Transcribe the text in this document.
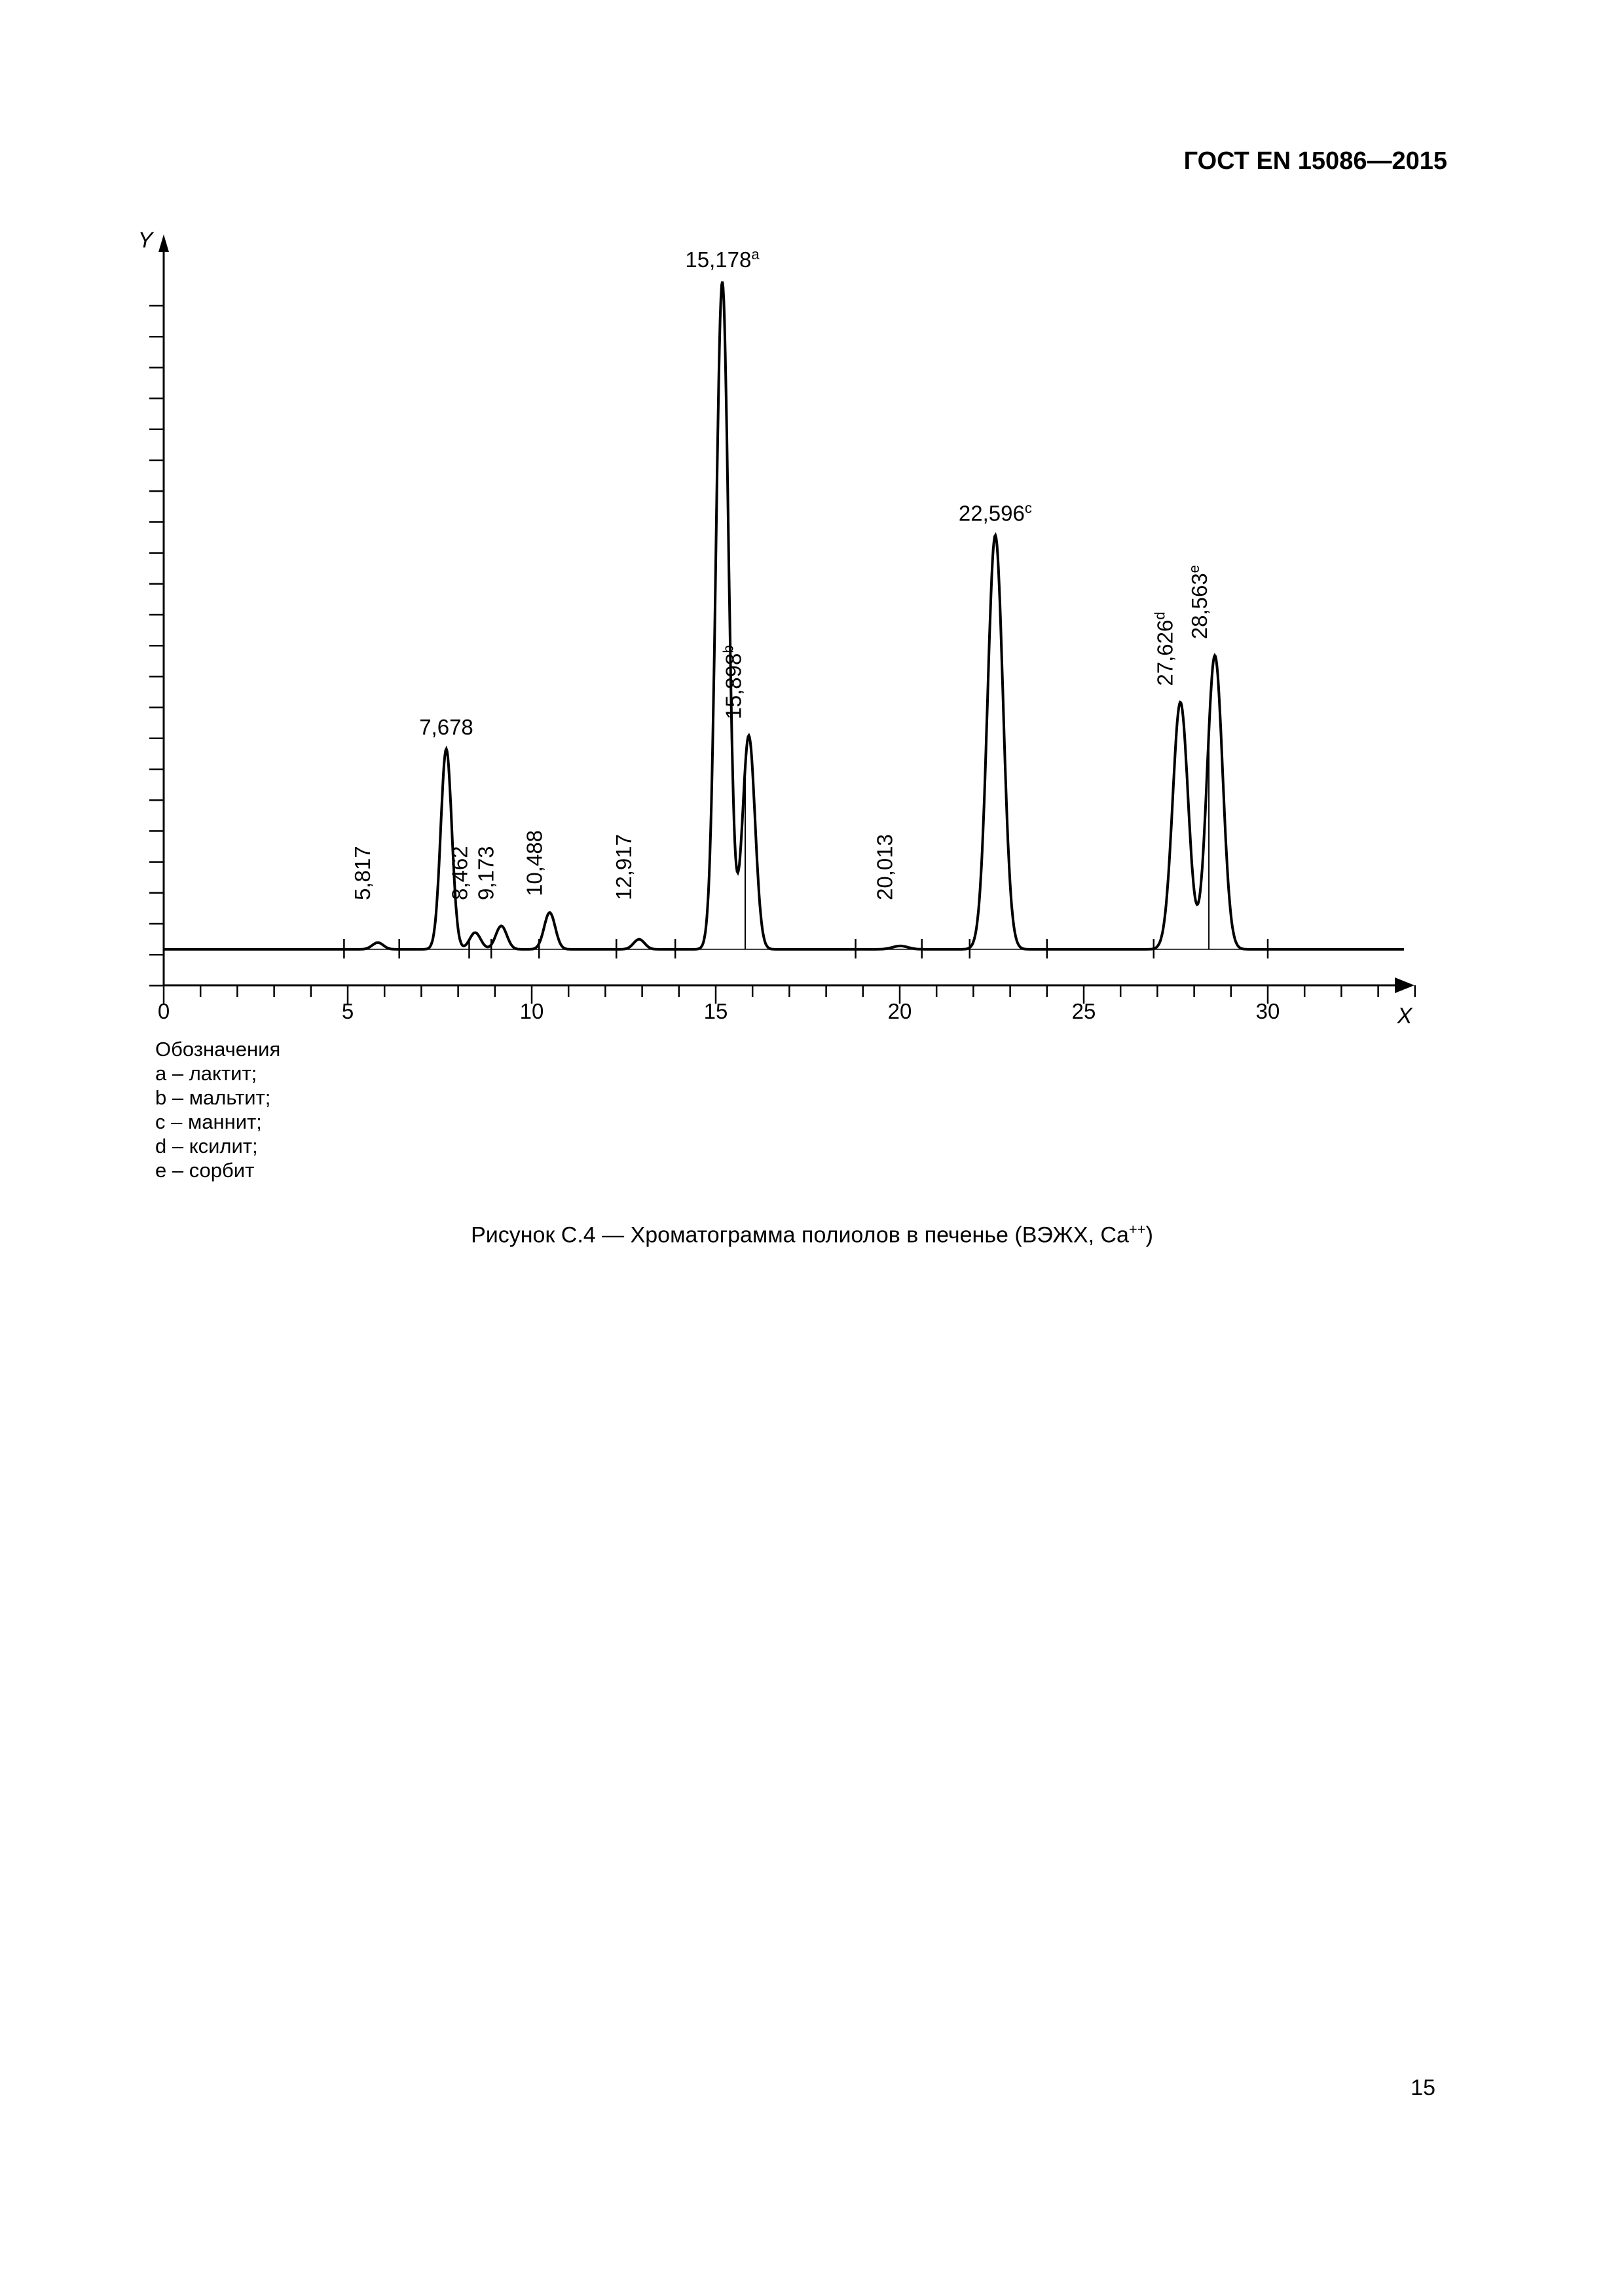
ГОСТ EN 15086—2015
X
Y
0	5	10	15	20	25	30
5,817
7,678
8,462 9,173 10,488	12,917
15,178$^a$
15,898$^b$
20,013
22,596$^c$
27,626$^d$ 28,563e
Обозначения
a – лактит;
b – мальтит;
c – маннит;
d – ксилит;
e – сорбит
Рисунок С.4 — Хроматограмма полиолов в печенье (ВЭЖХ, Ca++)
15
